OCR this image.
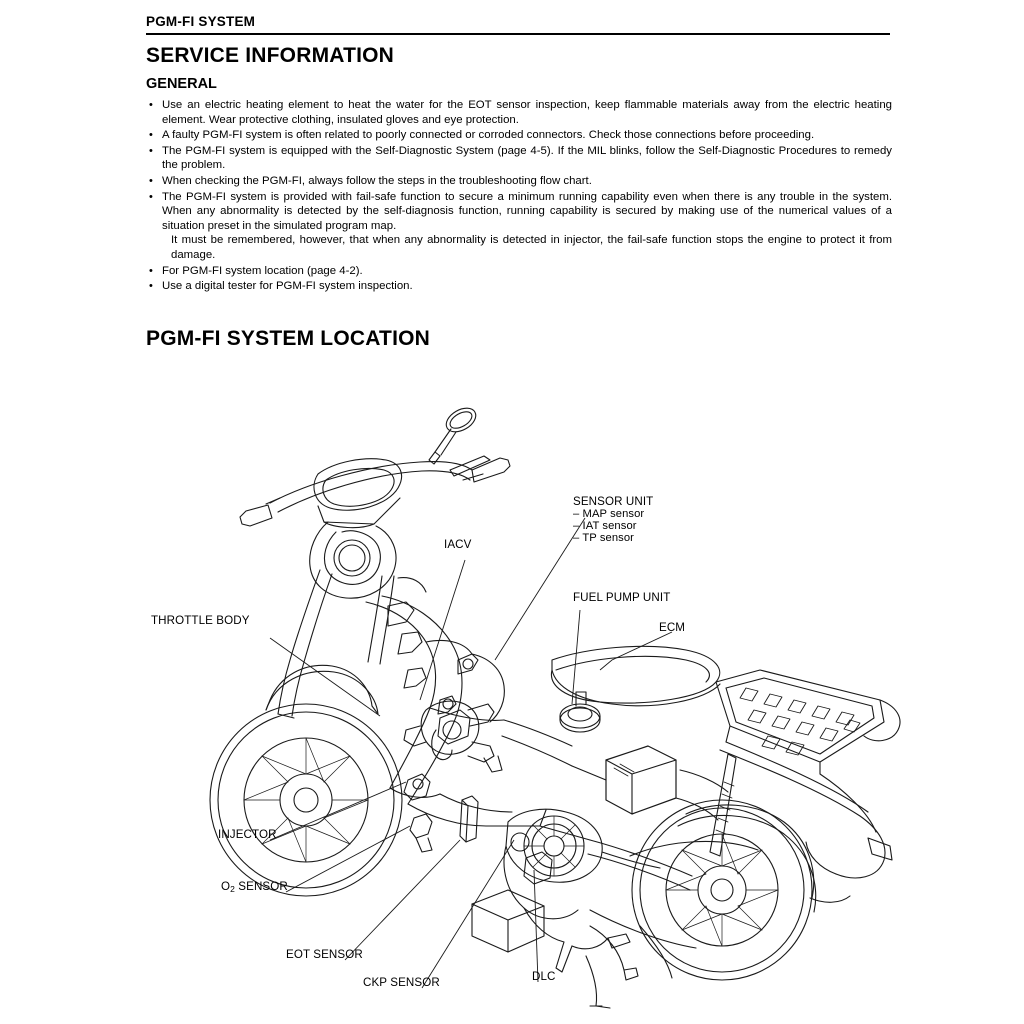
PGM-FI SYSTEM
SERVICE INFORMATION
GENERAL
• Use an electric heating element to heat the water for the EOT sensor inspection, keep flammable materials away from the electric heating element. Wear protective clothing, insulated gloves and eye protection.

• A faulty PGM-FI system is often related to poorly connected or corroded connectors. Check those connections before proceeding.

• The PGM-FI system is equipped with the Self-Diagnostic System (page 4-5). If the MIL blinks, follow the Self-Diagnostic Procedures to remedy the problem.

• When checking the PGM-FI, always follow the steps in the troubleshooting flow chart.

• The PGM-FI system is provided with fail-safe function to secure a minimum running capability even when there is any trouble in the system. When any abnormality is detected by the self-diagnosis function, running capability is secured by making use of the numerical values of a situation preset in the simulated program map.

It must be remembered, however, that when any abnormality is detected in injector, the fail-safe function stops the engine to protect it from damage.

• For PGM-FI system location (page 4-2).

• Use a digital tester for PGM-FI system inspection.

PGM-FI SYSTEM LOCATION
SENSOR UNIT
– MAP sensor
– IAT sensor
– TP sensor
IACV
FUEL PUMP UNIT
ECM
THROTTLE BODY
INJECTOR
$O_2$ SENSOR
EOT SENSOR
CKP SENSOR	DLC
